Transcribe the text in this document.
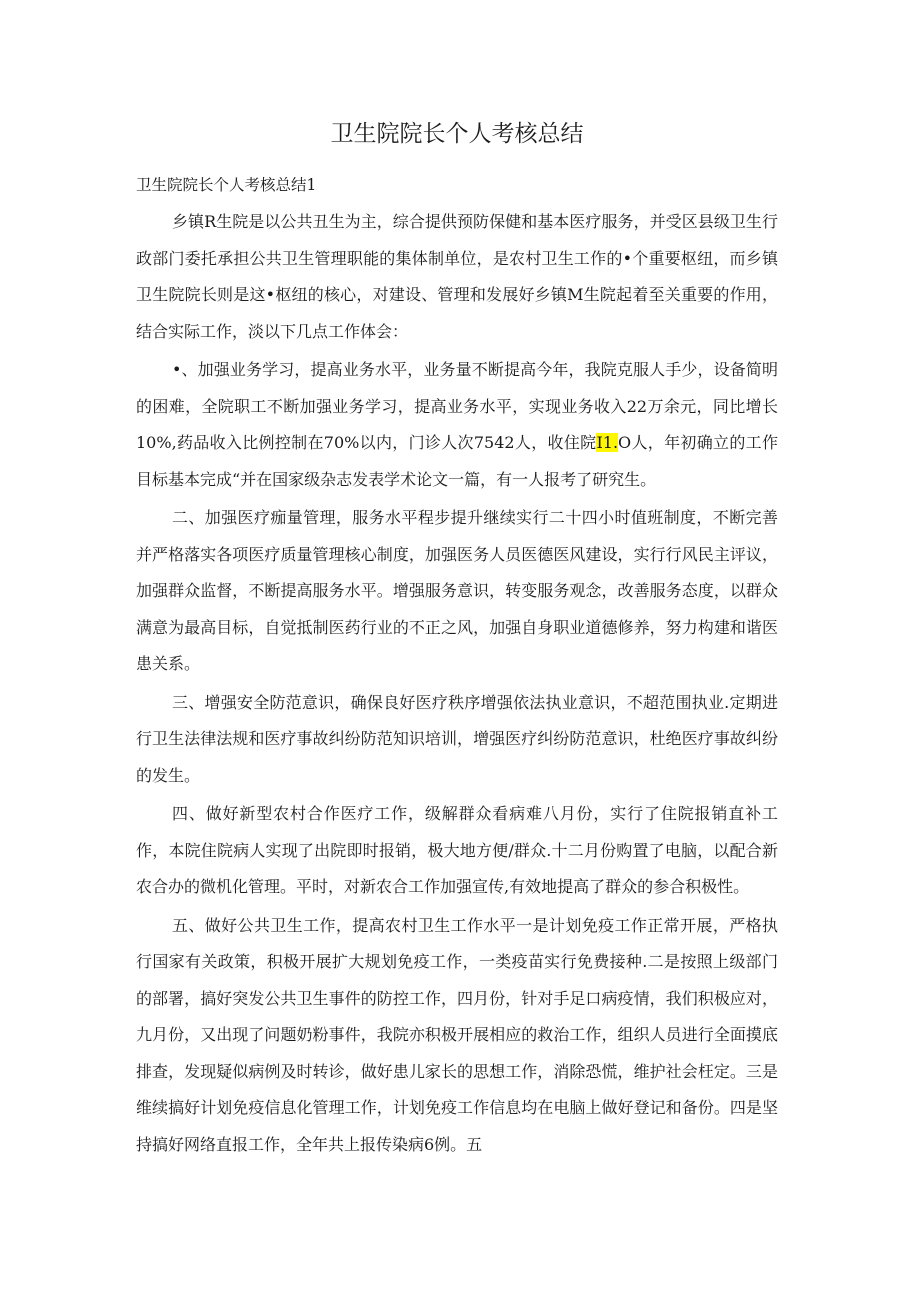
卫生院院长个人考核总结

卫生院院长个人考核总结1

乡镇R生院是以公共丑生为主，综合提供预防保健和基本医疗服务，并受区县级卫生行政部门委托承担公共卫生管理职能的集体制单位，是农村卫生工作的•个重要枢纽，而乡镇卫生院院长则是这•枢纽的核心，对建设、管理和发展好乡镇M生院起着至关重要的作用，结合实际工作，淡以下几点工作体会：

•、加强业务学习，提高业务水平，业务量不断提高今年，我院克服人手少，设备简明的困难，全院职工不断加强业务学习，提高业务水平，实现业务收入22万余元，同比增长10%,药品收入比例控制在70%以内，门诊人次7542人，收住院I1.O人，年初确立的工作目标基本完成“并在国家级杂志发表学术论文一篇，有一人报考了研究生。

二、加强医疗痂量管理，服务水平程步提升继续实行二十四小时值班制度，不断完善并严格落实各项医疗质量管理核心制度，加强医务人员医德医风建设，实行行风民主评议，加强群众监督，不断提高服务水平。增强服务意识，转变服务观念，改善服务态度，以群众满意为最高目标，自觉抵制医药行业的不正之风，加强自身职业道德修养，努力构建和谐医患关系。

三、增强安全防范意识，确保良好医疗秩序增强依法执业意识，不超范围执业.定期进行卫生法律法规和医疗事故纠纷防范知识培训，增强医疗纠纷防范意识，杜绝医疗事故纠纷的发生。

四、做好新型农村合作医疗工作，级解群众看病难八月份，实行了住院报销直补工作，本院住院病人实现了出院即时报销，极大地方便/群众.十二月份购置了电脑，以配合新农合办的微机化管理。平时，对新农合工作加强宣传,有效地提高了群众的参合积极性。

五、做好公共卫生工作，提高农村卫生工作水平一是计划免疫工作正常开展，严格执行国家有关政策，积极开展扩大规划免疫工作，一类疫苗实行免费接种.二是按照上级部门的部署，搞好突发公共卫生事件的防控工作，四月份，针对手足口病疫情，我们积极应对，九月份，又出现了问题奶粉事件，我院亦积极开展相应的救治工作，组织人员进行全面摸底排查，发现疑似病例及时转诊，做好患儿家长的思想工作，消除恐慌，维护社会枉定。三是维续搞好计划免疫信息化管理工作，计划免疫工作信息均在电脑上做好登记和备份。四是坚持搞好网络直报工作，全年共上报传染病6例。五
